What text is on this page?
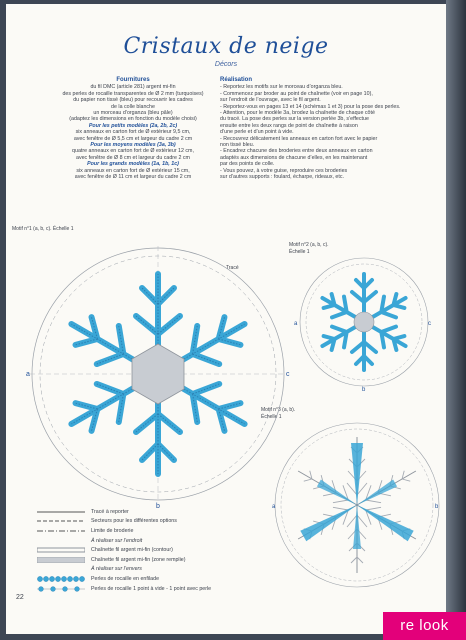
Cristaux de neige
Décors
Fournitures
du fil DMC (article 281) argent mi-fin
des perles de rocaille transparentes de Ø 2 mm (turquoises)
du papier non tissé (bleu) pour recouvrir les cadres
de la colle blanche
un morceau d’organza (bleu pâle)
(adaptez les dimensions en fonction du modèle choisi)
Pour les petits modèles (2a, 2b, 2c)
six anneaux en carton fort de Ø extérieur 9,5 cm,
avec fenêtre de Ø 5,5 cm et largeur du cadre 2 cm
Pour les moyens modèles (3a, 3b)
quatre anneaux en carton fort de Ø extérieur 12 cm,
avec fenêtre de Ø 8 cm et largeur du cadre 2 cm
Pour les grands modèles (1a, 1b, 1c)
six anneaux en carton fort de Ø extérieur 15 cm,
avec fenêtre de Ø 11 cm et largeur du cadre 2 cm
Réalisation

- Reportez les motifs sur le morceau d’organza bleu.

- Commencez par broder au point de chaînette (voir en page 10),

sur l’endroit de l’ouvrage, avec le fil argent.

- Reportez-vous en pages 13 et 14 (schémas 1 et 3) pour la pose des perles.

- Attention, pour le modèle 3a, brodez la chaînette de chaque côté

du tracé. La pose des perles sur la version perlée 3b, s’effectue

ensuite entre les deux rangs de point de chaînette à raison

d’une perle et d’un point à vide.

- Recouvrez délicatement les anneaux en carton fort avec le papier

non tissé bleu.

- Encadrez chacune des broderies entre deux anneaux en carton

adaptés aux dimensions de chacune d’elles, en les maintenant

par des points de colle.

- Vous pouvez, à votre guise, reproduire ces broderies

sur d’autres supports : foulard, écharpe, rideaux, etc.

Motif n°1 (a, b, c). Échelle 1
Tracé
Motif n°2 (a, b, c).
Échelle 1
Motif n°3 (a, b).
Échelle 1
a
b
c
a
b
c
a	b
Tracé à reporter
Secteurs pour les différentes options
Limite de broderie
À réaliser sur l’endroit
Chaînette fil argent mi-fin (contour)
Chaînette fil argent mi-fin (zone remplie)
À réaliser sur l’envers
Perles de rocaille en enfilade
Perles de rocaille 1 point à vide - 1 point avec perle
22
re look
